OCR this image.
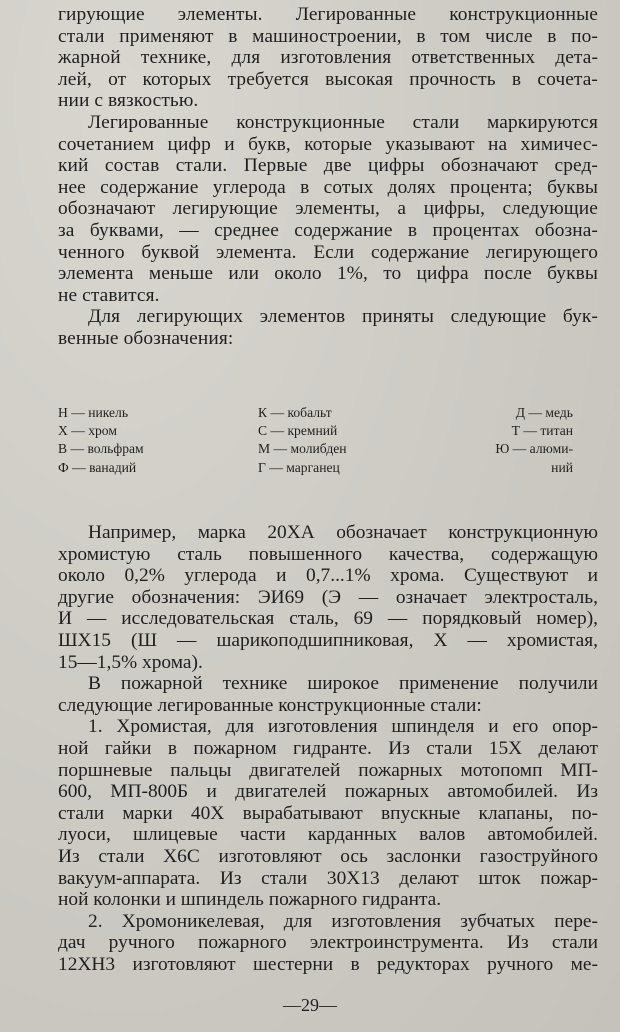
гирующие элементы. Легированные конструкционные
стали применяют в машиностроении, в том числе в по-
жарной технике, для изготовления ответственных дета-
лей, от которых требуется высокая прочность в сочета-
нии с вязкостью.
Легированные конструкционные стали маркируются
сочетанием цифр и букв, которые указывают на химичес-
кий состав стали. Первые две цифры обозначают сред-
нее содержание углерода в сотых долях процента; буквы
обозначают легирующие элементы, а цифры, следующие
за буквами, — среднее содержание в процентах обозна-
ченного буквой элемента. Если содержание легирующего
элемента меньше или около 1%, то цифра после буквы
не ставится.
Для легирующих элементов приняты следующие бук-
венные обозначения:
Н — никель
Х — хром
В — вольфрам
Ф — ванадий
К — кобальт
С — кремний
М — молибден
Г — марганец
Д — медь
Т — титан
Ю — алюми-
ний
Например, марка 20ХА обозначает конструкционную
хромистую сталь повышенного качества, содержащую
около 0,2% углерода и 0,7...1% хрома. Существуют и
другие обозначения: ЭИ69 (Э — означает электросталь,
И — исследовательская сталь, 69 — порядковый номер),
ШХ15 (Ш — шарикоподшипниковая, Х — хромистая,
15—1,5% хрома).
В пожарной технике широкое применение получили
следующие легированные конструкционные стали:
1. Хромистая, для изготовления шпинделя и его опор-
ной гайки в пожарном гидранте. Из стали 15Х делают
поршневые пальцы двигателей пожарных мотопомп МП-
600, МП-800Б и двигателей пожарных автомобилей. Из
стали марки 40Х вырабатывают впускные клапаны, по-
луоси, шлицевые части карданных валов автомобилей.
Из стали Х6С изготовляют ось заслонки газоструйного
вакуум-аппарата. Из стали 30Х13 делают шток пожар-
ной колонки и шпиндель пожарного гидранта.
2. Хромоникелевая, для изготовления зубчатых пере-
дач ручного пожарного электроинструмента. Из стали
12ХН3 изготовляют шестерни в редукторах ручного ме-
—29—
